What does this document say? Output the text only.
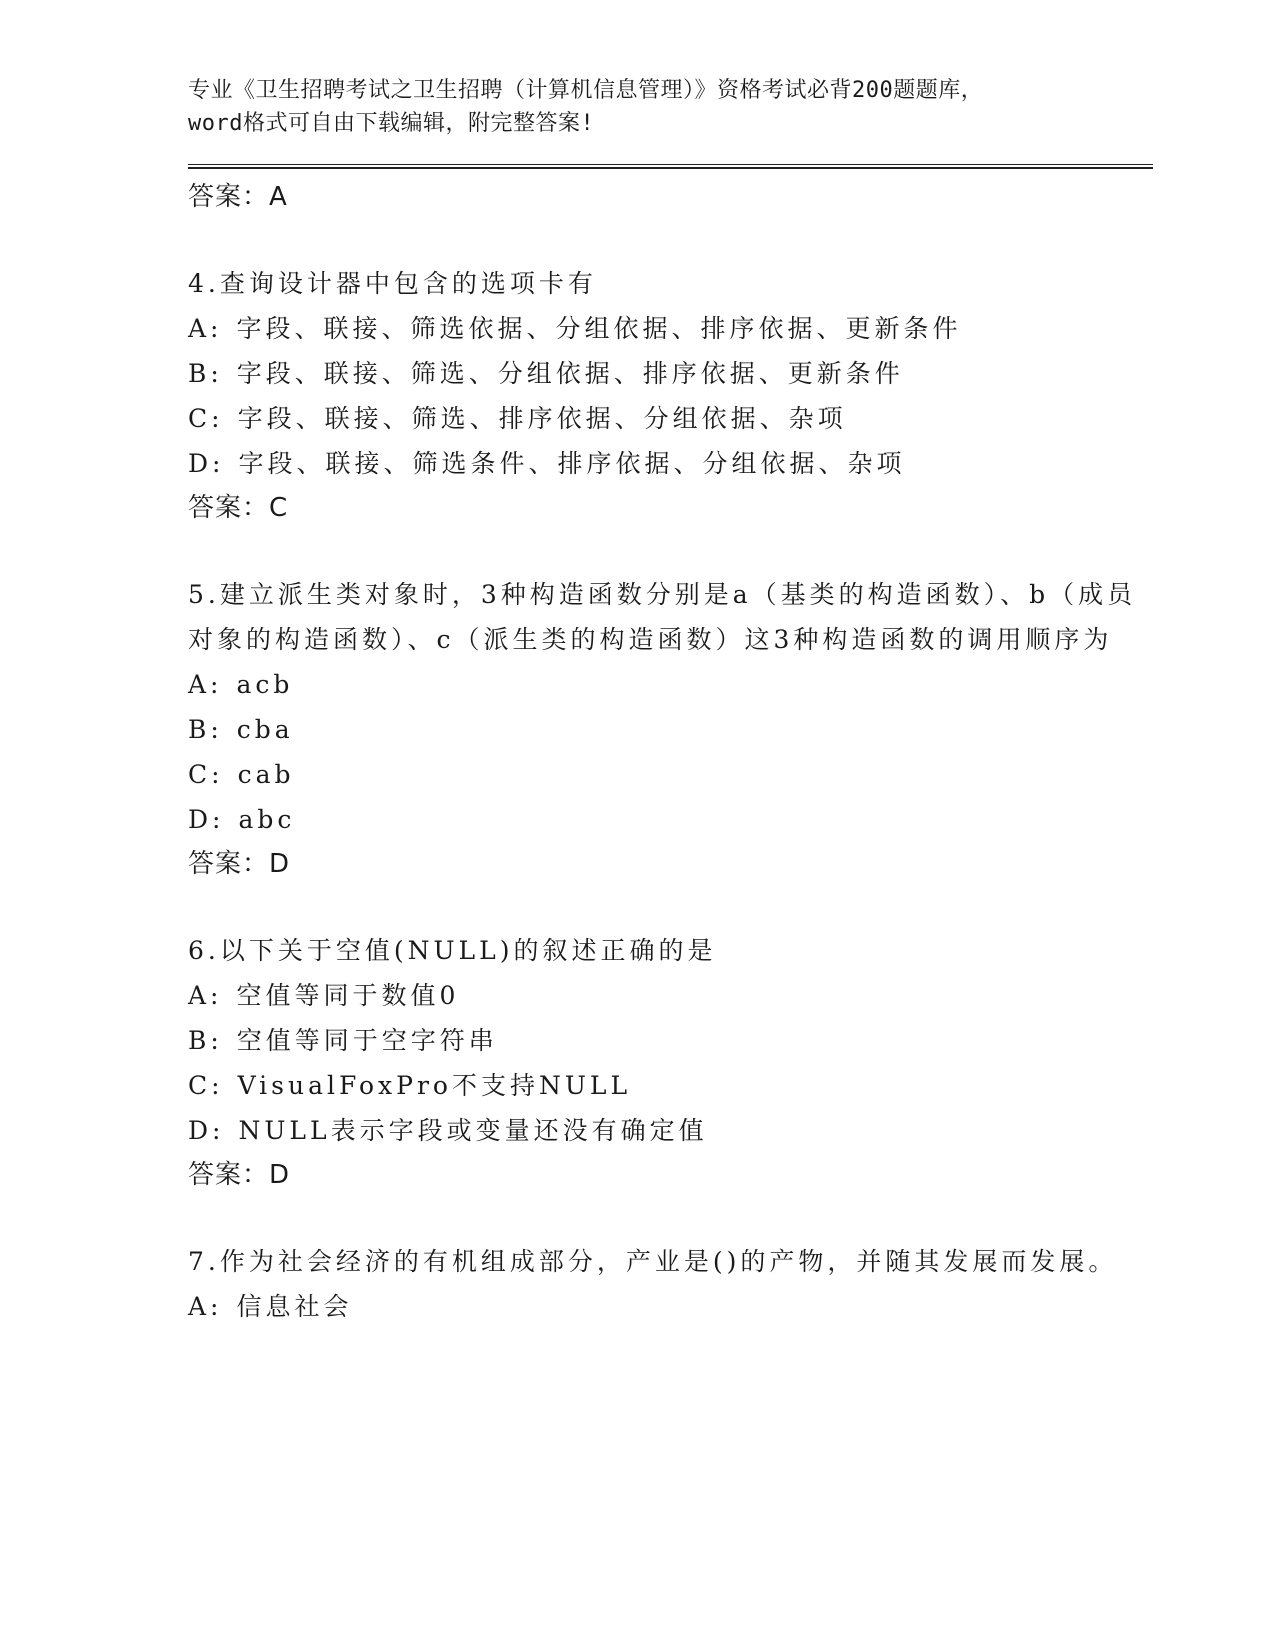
专业《卫生招聘考试之卫生招聘（计算机信息管理）》资格考试必背200题题库，
word格式可自由下载编辑，附完整答案!

答案：A

4.查询设计器中包含的选项卡有

A: 字段、联接、筛选依据、分组依据、排序依据、更新条件

B: 字段、联接、筛选、分组依据、排序依据、更新条件

C: 字段、联接、筛选、排序依据、分组依据、杂项

D: 字段、联接、筛选条件、排序依据、分组依据、杂项

答案：C

5.建立派生类对象时，3种构造函数分别是a（基类的构造函数）、b（成员对象的构造函数）、c（派生类的构造函数）这3种构造函数的调用顺序为

A: acb

B: cba

C: cab

D: abc

答案：D

6.以下关于空值(NULL)的叙述正确的是

A: 空值等同于数值0

B: 空值等同于空字符串

C: VisualFoxPro不支持NULL

D: NULL表示字段或变量还没有确定值

答案：D

7.作为社会经济的有机组成部分，产业是()的产物，并随其发展而发展。

A: 信息社会
